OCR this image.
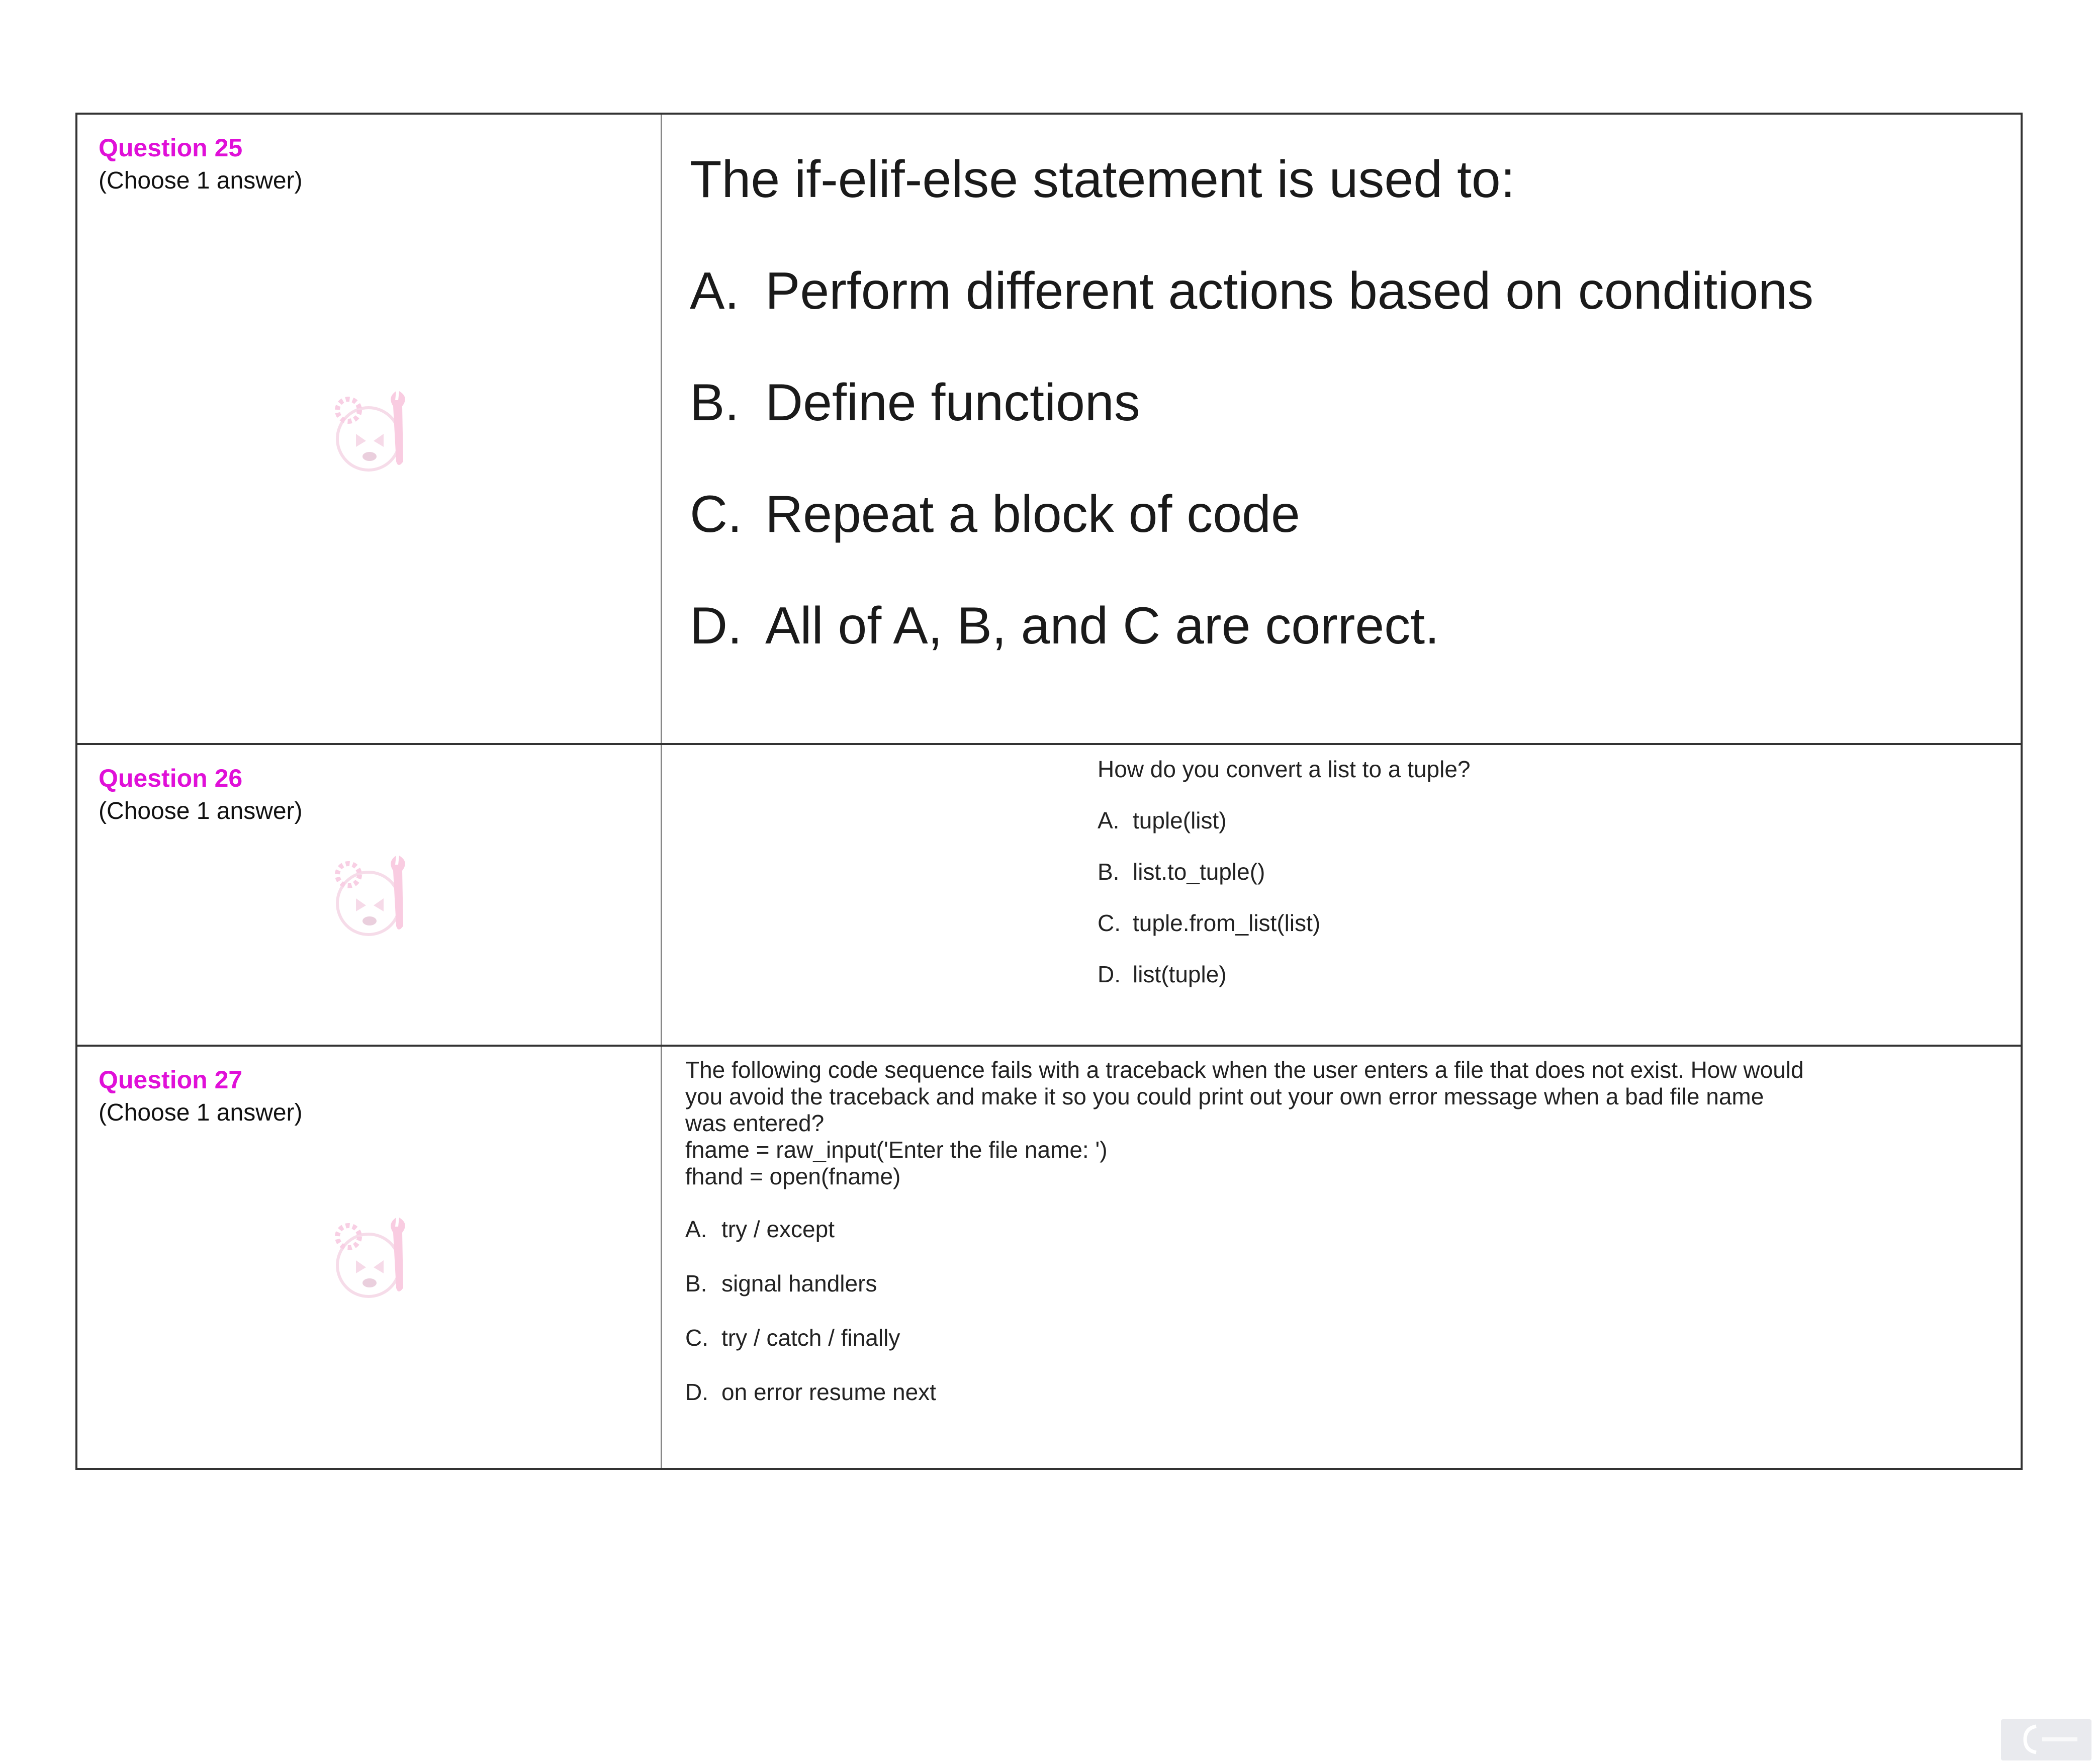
Question 25
(Choose 1 answer)	The if-elif-else statement is used to:
A. Perform different actions based on conditions
B. Define functions
C. Repeat a block of code
D. All of A, B, and C are correct.
Question 26
(Choose 1 answer)
How do you convert a list to a tuple?
A. tuple(list)
B. list.to_tuple()
C. tuple.from_list(list)
D. list(tuple)
Question 27
(Choose 1 answer)
The following code sequence fails with a traceback when the user enters a file that does not exist. How would
you avoid the traceback and make it so you could print out your own error message when a bad file name
was entered?
fname = raw_input('Enter the file name: ')
fhand = open(fname)
A. try / except
B. signal handlers
C. try / catch / finally
D. on error resume next
